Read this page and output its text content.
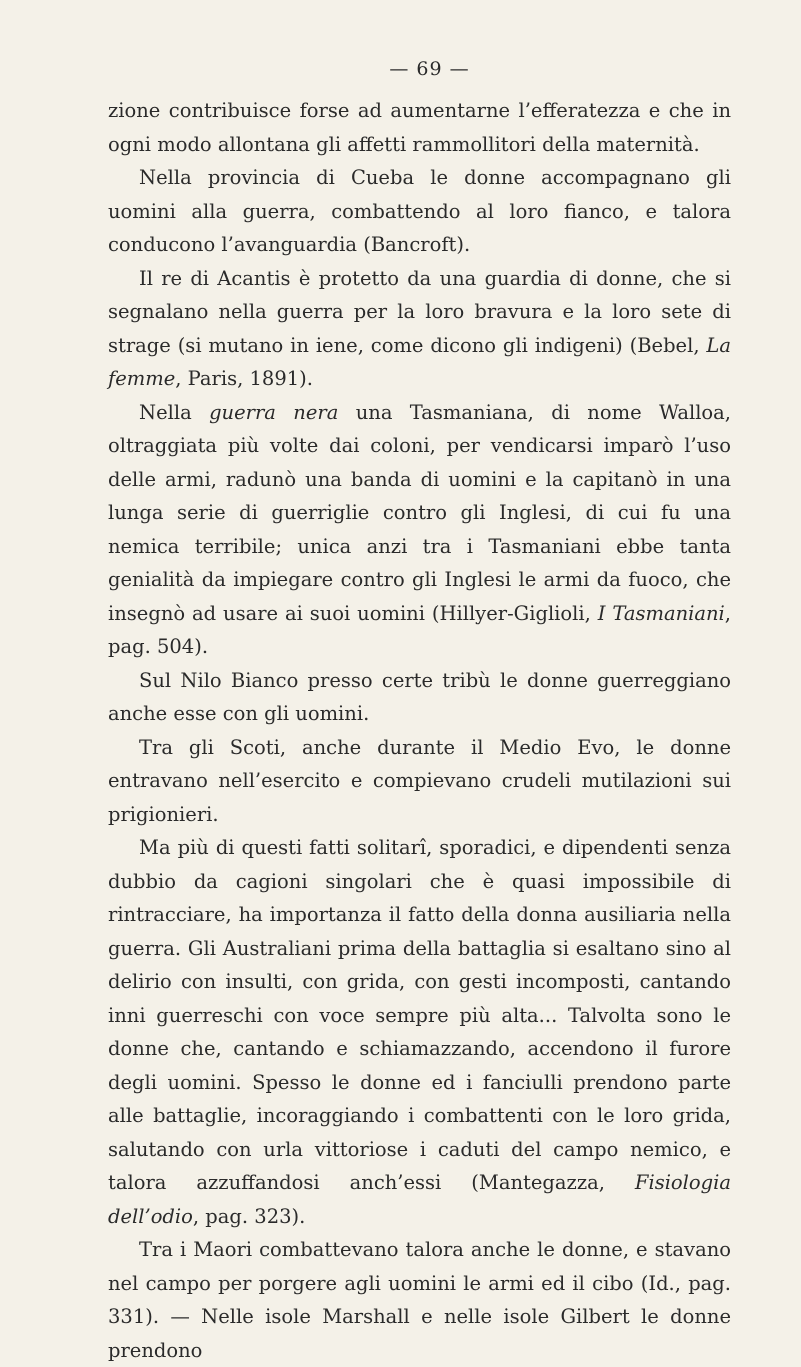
— 69 —

zione contribuisce forse ad aumentarne l’efferatezza e che in ogni modo allontana gli affetti rammollitori della maternità.

Nella provincia di Cueba le donne accompagnano gli uomini alla guerra, combattendo al loro fianco, e talora conducono l’avanguardia (Bancroft).

Il re di Acantis è protetto da una guardia di donne, che si segnalano nella guerra per la loro bravura e la loro sete di strage (si mutano in iene, come dicono gli indigeni) (Bebel, La femme, Paris, 1891).

Nella guerra nera una Tasmaniana, di nome Walloa, oltraggiata più volte dai coloni, per vendicarsi imparò l’uso delle armi, radunò una banda di uomini e la capitanò in una lunga serie di guerriglie contro gli Inglesi, di cui fu una nemica terribile; unica anzi tra i Tasmaniani ebbe tanta genialità da impiegare contro gli Inglesi le armi da fuoco, che insegnò ad usare ai suoi uomini (Hillyer-Giglioli, I Tasmaniani, pag. 504).

Sul Nilo Bianco presso certe tribù le donne guerreggiano anche esse con gli uomini.

Tra gli Scoti, anche durante il Medio Evo, le donne entravano nell’esercito e compievano crudeli mutilazioni sui prigionieri.

Ma più di questi fatti solitarî, sporadici, e dipendenti senza dubbio da cagioni singolari che è quasi impossibile di rintracciare, ha importanza il fatto della donna ausiliaria nella guerra. Gli Australiani prima della battaglia si esaltano sino al delirio con insulti, con grida, con gesti incomposti, cantando inni guerreschi con voce sempre più alta... Talvolta sono le donne che, cantando e schiamazzando, accendono il furore degli uomini. Spesso le donne ed i fanciulli prendono parte alle battaglie, incoraggiando i combattenti con le loro grida, salutando con urla vittoriose i caduti del campo nemico, e talora azzuffandosi anch’essi (Mantegazza, Fisiologia dell’odio, pag. 323).

Tra i Maori combattevano talora anche le donne, e stavano nel campo per porgere agli uomini le armi ed il cibo (Id., pag. 331). — Nelle isole Marshall e nelle isole Gilbert le donne prendono
